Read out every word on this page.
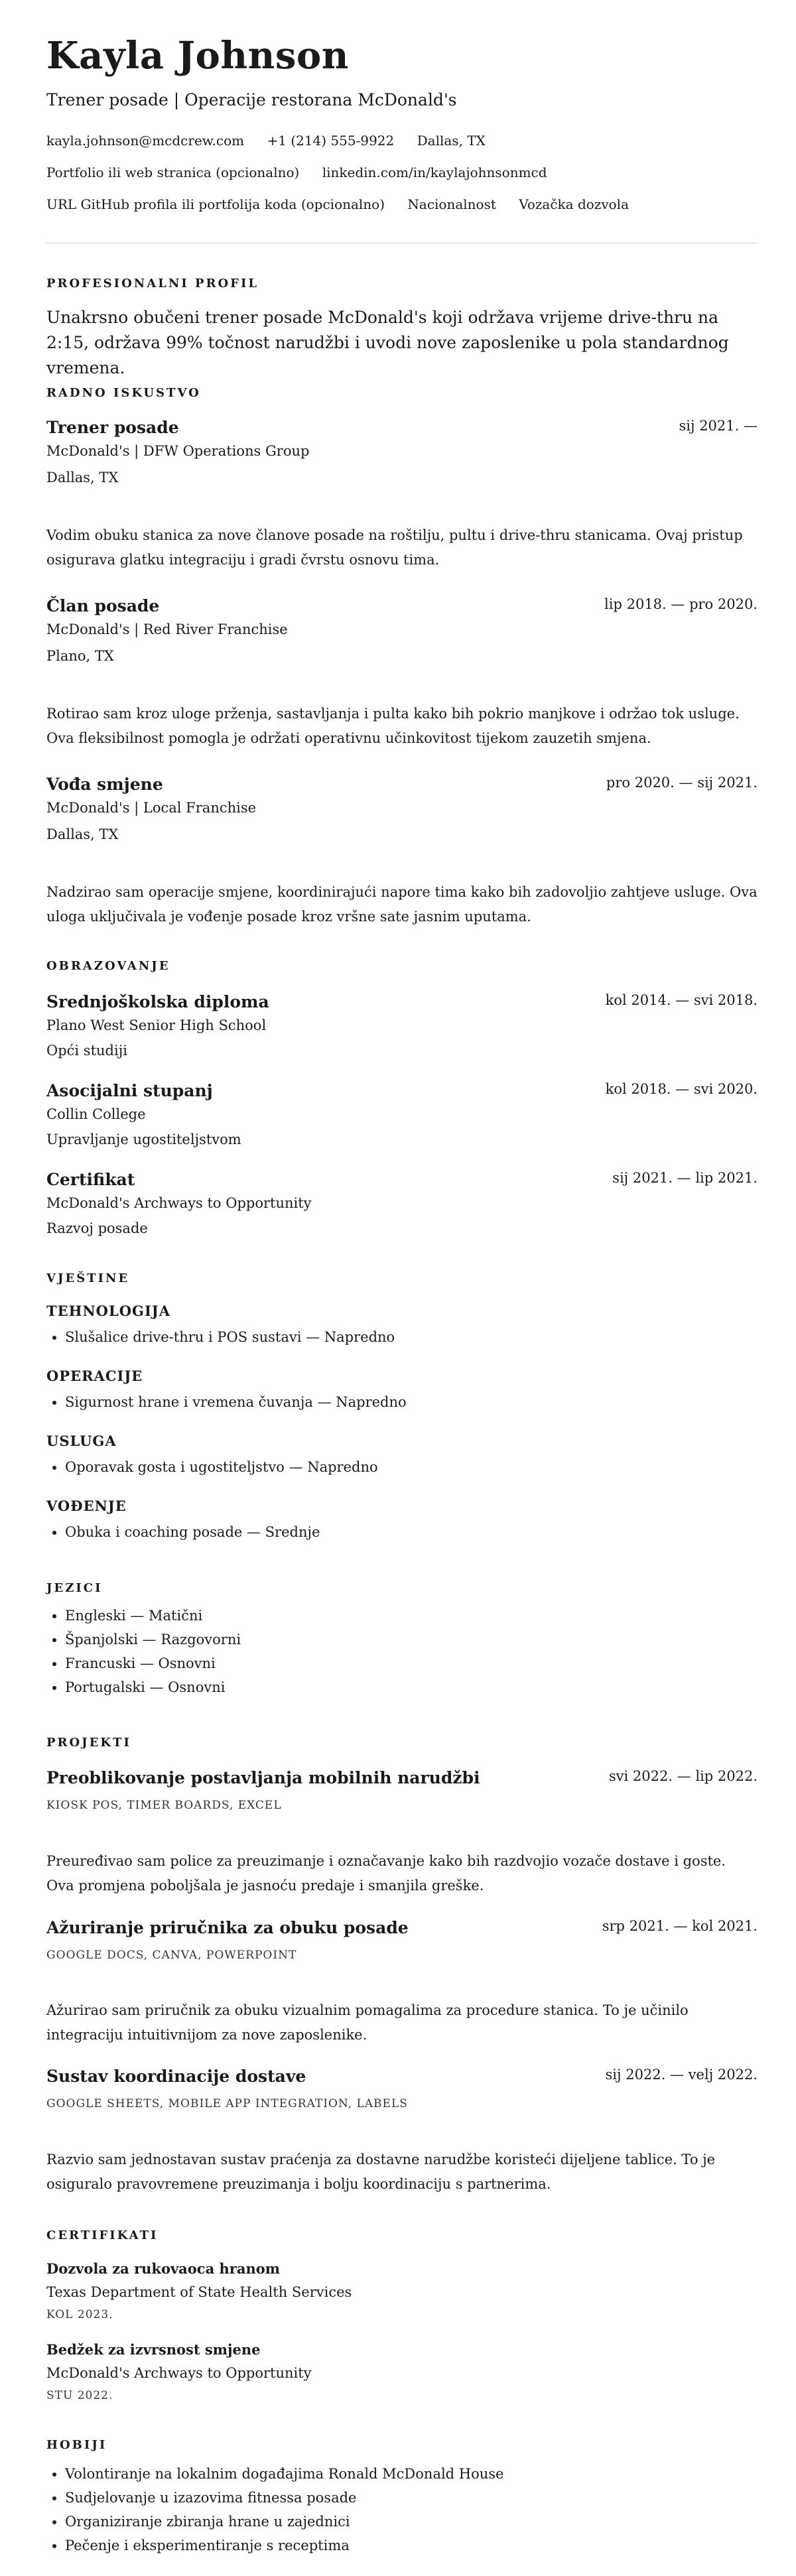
Kayla Johnson
Trener posade | Operacije restorana McDonald's
kayla.johnson@mcdcrew.com +1 (214) 555-9922 Dallas, TX
Portfolio ili web stranica (opcionalno) linkedin.com/in/kaylajohnsonmcd
URL GitHub profila ili portfolija koda (opcionalno) Nacionalnost Vozačka dozvola
PROFESIONALNI PROFIL
Unakrsno obučeni trener posade McDonald's koji održava vrijeme drive-thru na 2:15, održava 99% točnost narudžbi i uvodi nove zaposlenike u pola standardnog vremena.
RADNO ISKUSTVO
Trener posade	sij 2021. —
McDonald's | DFW Operations Group
Dallas, TX
Vodim obuku stanica za nove članove posade na roštilju, pultu i drive-thru stanicama. Ovaj pristup osigurava glatku integraciju i gradi čvrstu osnovu tima.
Član posade	lip 2018. — pro 2020.
McDonald's | Red River Franchise
Plano, TX
Rotirao sam kroz uloge prženja, sastavljanja i pulta kako bih pokrio manjkove i održao tok usluge. Ova fleksibilnost pomogla je održati operativnu učinkovitost tijekom zauzetih smjena.
Vođa smjene	pro 2020. — sij 2021.
McDonald's | Local Franchise
Dallas, TX
Nadzirao sam operacije smjene, koordinirajući napore tima kako bih zadovoljio zahtjeve usluge. Ova uloga uključivala je vođenje posade kroz vršne sate jasnim uputama.
OBRAZOVANJE
Srednjoškolska diploma	kol 2014. — svi 2018.
Plano West Senior High School
Opći studiji
Asocijalni stupanj	kol 2018. — svi 2020.
Collin College
Upravljanje ugostiteljstvom
Certifikat	sij 2021. — lip 2021.
McDonald's Archways to Opportunity
Razvoj posade
VJEŠTINE
TEHNOLOGIJA
• Slušalice drive-thru i POS sustavi — Napredno
OPERACIJE
• Sigurnost hrane i vremena čuvanja — Napredno
USLUGA
• Oporavak gosta i ugostiteljstvo — Napredno
VOĐENJE
• Obuka i coaching posade — Srednje
JEZICI
• Engleski — Matični
• Španjolski — Razgovorni
• Francuski — Osnovni
• Portugalski — Osnovni
PROJEKTI
Preoblikovanje postavljanja mobilnih narudžbi	svi 2022. — lip 2022.
KIOSK POS, TIMER BOARDS, EXCEL
Preuređivao sam police za preuzimanje i označavanje kako bih razdvojio vozače dostave i goste. Ova promjena poboljšala je jasnoću predaje i smanjila greške.
Ažuriranje priručnika za obuku posade	srp 2021. — kol 2021.
GOOGLE DOCS, CANVA, POWERPOINT
Ažurirao sam priručnik za obuku vizualnim pomagalima za procedure stanica. To je učinilo integraciju intuitivnijom za nove zaposlenike.
Sustav koordinacije dostave	sij 2022. — velj 2022.
GOOGLE SHEETS, MOBILE APP INTEGRATION, LABELS
Razvio sam jednostavan sustav praćenja za dostavne narudžbe koristeći dijeljene tablice. To je osiguralo pravovremene preuzimanja i bolju koordinaciju s partnerima.
CERTIFIKATI
Dozvola za rukovaoca hranom
Texas Department of State Health Services
KOL 2023.
Bedžek za izvrsnost smjene
McDonald's Archways to Opportunity
STU 2022.
HOBIJI
• Volontiranje na lokalnim događajima Ronald McDonald House
• Sudjelovanje u izazovima fitnessa posade
• Organiziranje zbiranja hrane u zajednici
• Pečenje i eksperimentiranje s receptima
